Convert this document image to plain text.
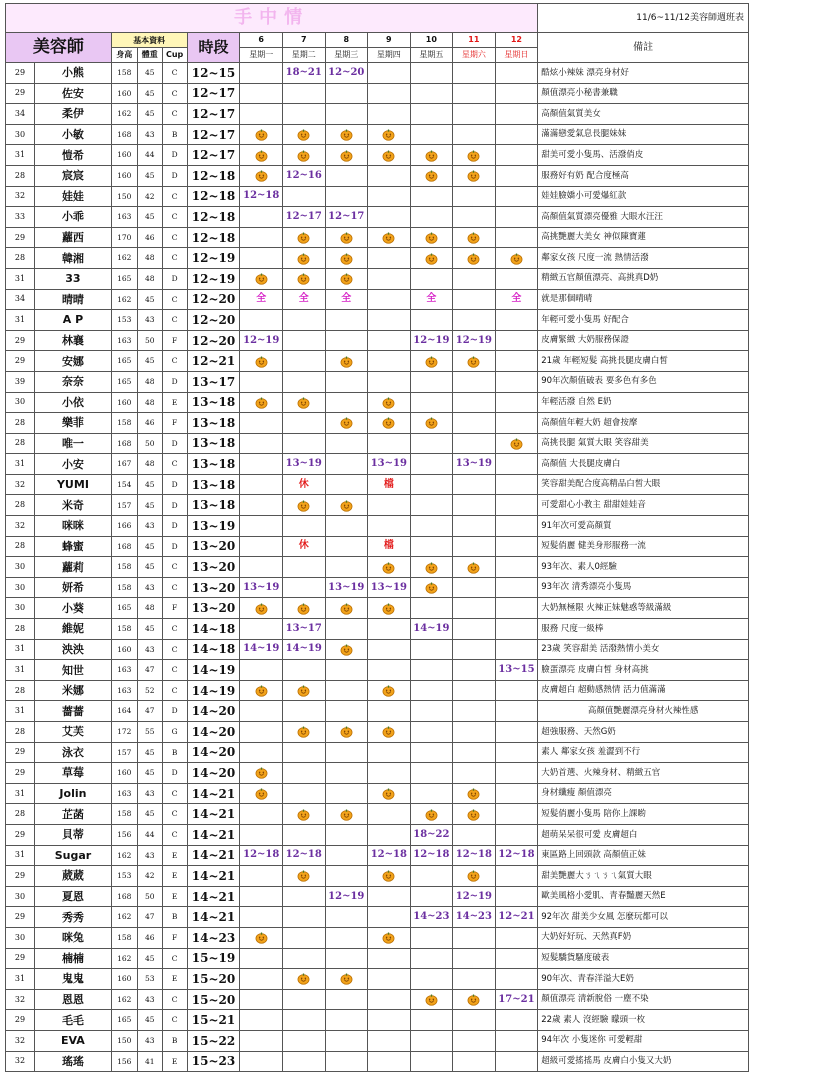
手中情													11/6~11/12美容師週班表
美容師		基本資料			時段	6	7	8	9	10	11	12	備註
		身高	體重	Cup		星期一	星期二	星期三	星期四	星期五	星期六	星期日	
29	小熊	158	45	C	12~15		18~21	12~20					酷炫小辣妹 漂亮身材好
29	佐安	160	45	C	12~17								顏值漂亮小秘書兼職
34	柔伊	162	45	C	12~17								高顏值氣質美女
30	小敏	168	43	B	12~17								滿滿戀愛氣息長腿妹妹
31	愷希	160	44	D	12~17								甜美可愛小隻馬、活潑俏皮
28	宸宸	160	45	D	12~18		12~16						服務好有奶 配合度極高
32	娃娃	150	42	C	12~18	12~18							娃娃臉嬌小可愛爆紅款
33	小乖	163	45	C	12~18		12~17	12~17					高顏值氣質漂亮優雅 大眼水汪汪
29	蘿西	170	46	C	12~18								高挑艷麗大美女 神似陳寶蓮
28	韓湘	162	48	C	12~19								鄰家女孩 尺度一流 熱情活潑
31	33	165	48	D	12~19								精緻五官顏值漂亮、高挑真D奶
34	晴晴	162	45	C	12~20	全	全	全		全		全	就是那個晴晴
31	A P	153	43	C	12~20								年輕可愛小隻馬 好配合
29	林襄	163	50	F	12~20	12~19				12~19	12~19		皮膚緊緻 大奶服務保證
29	安娜	165	45	C	12~21								21歲 年輕短髮 高挑長腿皮膚白皙
39	奈奈	165	48	D	13~17								90年次顏值破表 要多色有多色
30	小依	160	48	E	13~18								年輕活潑 自然 E奶
28	樂菲	158	46	F	13~18								高顏值年輕大奶 超會按摩
28	唯一	168	50	D	13~18								高挑長腿 氣質大眼 笑容甜美
31	小安	167	48	C	13~18		13~19		13~19		13~19		高顏值 大長腿皮膚白
32	YUMI	154	45	D	13~18		休		檔				笑容甜美配合度高精品白皙大眼
28	米奇	157	45	D	13~18								可愛甜心小教主 甜甜娃娃音
32	咪咪	166	43	D	13~19								91年次可愛高顏質
28	蜂蜜	168	45	D	13~20		休		檔				短髮俏麗 健美身形服務一流
30	蘿莉	158	45	C	13~20								93年次、素人0經驗
30	妍希	158	43	C	13~20	13~19		13~19	13~19				93年次 清秀漂亮小隻馬
30	小葵	165	48	F	13~20								大奶無極限 火辣正妹魅惑等級滿級
28	維妮	158	45	C	14~18		13~17			14~19			服務 尺度一級棒
31	泱泱	160	43	C	14~18	14~19	14~19						23歲 笑容甜美 活潑熱情小美女
31	知世	163	47	C	14~19							13~15	臉蛋漂亮 皮膚白皙 身材高挑
28	米娜	163	52	C	14~19								皮膚超白 超動感熱情 活力值滿滿
31	薔薔	164	47	D	14~20								高顏值艷麗漂亮身材火辣性感
28	艾芙	172	55	G	14~20								超強服務、天然G奶
29	泳衣	157	45	B	14~20								素人 鄰家女孩 羞澀到不行
29	草莓	160	45	D	14~20								大奶首選、火辣身材、精緻五官
31	Jolin	163	43	C	14~21								身材纖瘦 顏值漂亮
28	芷菡	158	45	C	14~21								短髮俏麗小隻馬 陪你上課喲
29	貝蒂	156	44	C	14~21					18~22			超萌呆呆很可愛 皮膚超白
31	Sugar	162	43	E	14~21	12~18	12~18		12~18	12~18	12~18	12~18	東區路上回頭款 高顏值正妹
29	葳葳	153	42	E	14~21								甜美艷麗大ㄋㄟㄋㄟ氣質大眼
30	夏恩	168	50	E	14~21			12~19			12~19		歐美風格小愛肌、青春豔麗天然E
29	秀秀	162	47	B	14~21					14~23	14~23	12~21	92年次 甜美少女風 怎麼玩都可以
30	咪兔	158	46	F	14~23								大奶好好玩、天然真F奶
29	楠楠	162	45	C	15~19								短髮驕貨騷度破表
31	鬼鬼	160	53	E	15~20								90年次、青春洋溢大E奶
32	恩恩	162	43	C	15~20							17~21	顏值漂亮 清新脫俗 一塵不染
29	毛毛	165	45	C	15~21								22歲 素人 沒經驗 矇頭一枚
32	EVA	150	43	B	15~22								94年次 小隻迷你 可愛輕甜
32	瑤瑤	156	41	E	15~23								超級可愛搖搖馬 皮膚白小隻又大奶
